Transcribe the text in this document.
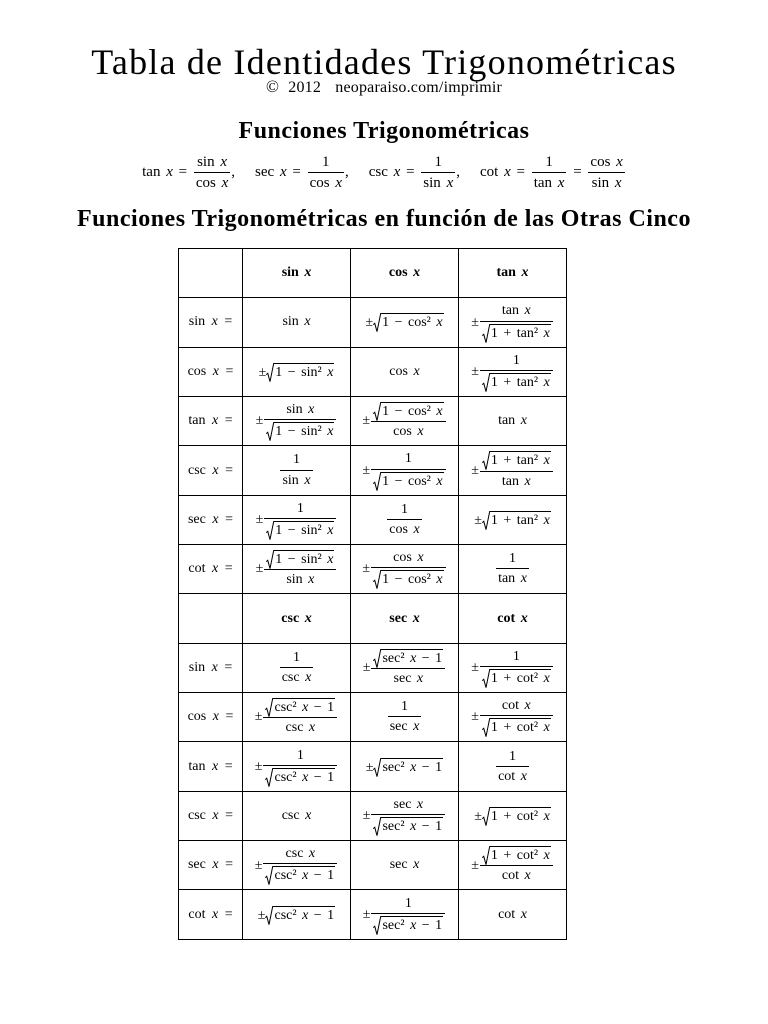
Tabla de Identidades Trigonométricas
© 2012 neoparaiso.com/imprimir
Funciones Trigonométricas
$\tan x = \frac{\text{sin x}}{\text{cos x}}$ , $\sec x = \frac{1}{\text{cos x}}$ , $\csc x = \frac{1}{\text{sin x}}$ , $\cot x = \frac{1}{\text{tan x}} = \frac{\text{cos x}}{\text{sin x}}$
Funciones Trigonométricas en función de las Otras Cinco
	sin x	cos x	tan x
sin x =	sin x	± 1 − cos² x	± $\frac{\text{tan x}}{\text{1 + tan² x}}$

cos x =	± 1 − sin² x	cos x	± $\frac{1}{\text{1 + tan² x}}$

tan x =	± $\frac{\text{sin x}}{\text{1 − sin² x}}$	± $\frac{\text{1 − cos² x}}{\text{cos x}}$	tan x
csc x =	$\frac{1}{\text{sin x}}$	± $\frac{1}{\text{1 − cos² x}}$	± $\frac{\text{1 + tan² x}}{\text{tan x}}$

sec x =	± $\frac{1}{\text{1 − sin² x}}$	$\frac{1}{\text{cos x}}$	± 1 + tan² x
cot x =	± $\frac{\text{1 − sin² x}}{\text{sin x}}$	± $\frac{\text{cos x}}{\text{1 − cos² x}}$	$\frac{1}{\text{tan x}}$

	csc x	sec x	cot x
sin x =	$\frac{1}{\text{csc x}}$	± $\frac{\text{sec² x − 1}}{\text{sec x}}$	± $\frac{1}{\text{1 + cot² x}}$

cos x =	± $\frac{\text{csc² x − 1}}{\text{csc x}}$	$\frac{1}{\text{sec x}}$	± $\frac{\text{cot x}}{\text{1 + cot² x}}$

tan x =	± $\frac{1}{\text{csc² x − 1}}$	± sec² x − 1	$\frac{1}{\text{cot x}}$

csc x =	csc x	± $\frac{\text{sec x}}{\text{sec² x − 1}}$	± 1 + cot² x
sec x =	± $\frac{\text{csc x}}{\text{csc² x − 1}}$	sec x	± $\frac{\text{1 + cot² x}}{\text{cot x}}$

cot x =	± csc² x − 1	± $\frac{1}{\text{sec² x − 1}}$	cot x
